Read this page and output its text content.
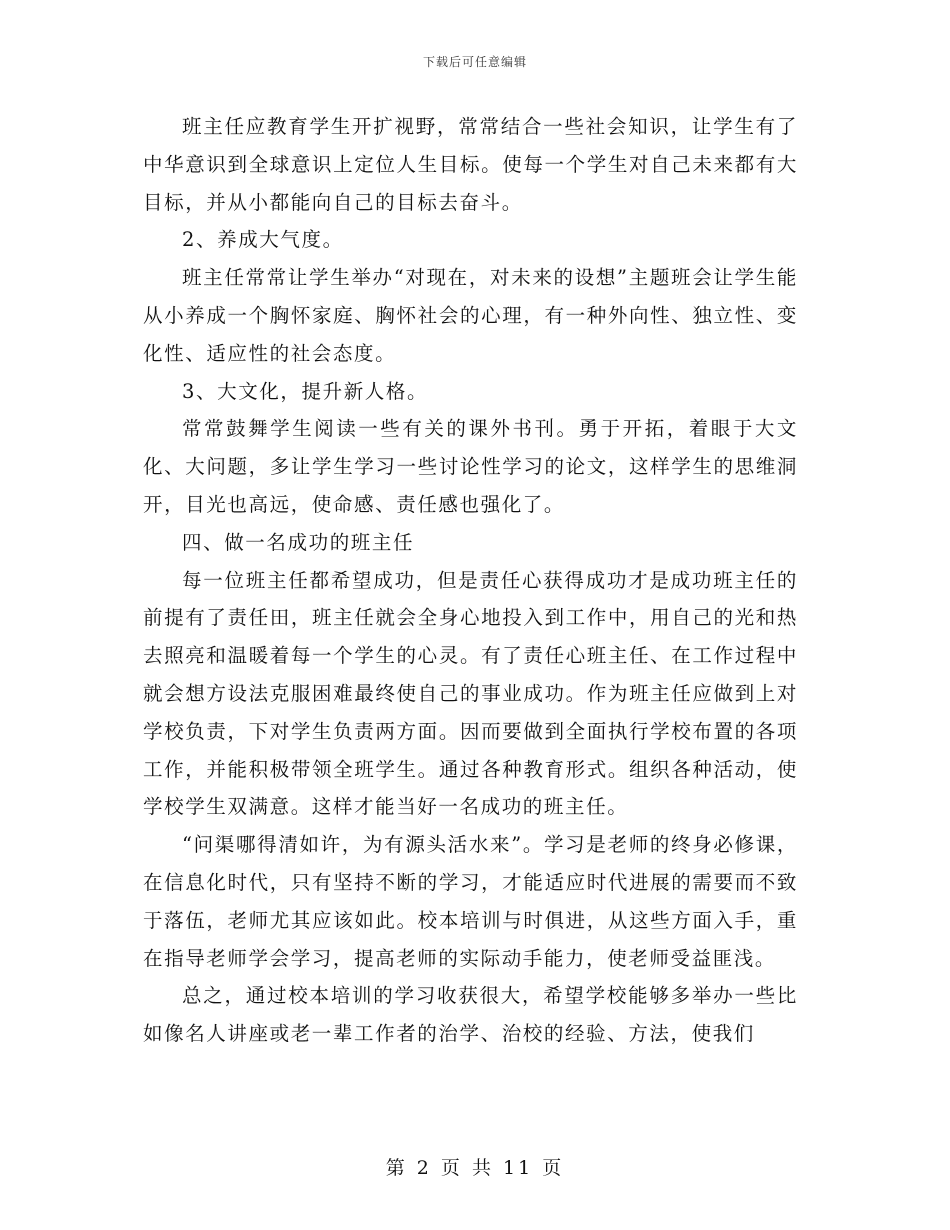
下载后可任意编辑

班主任应教育学生开扩视野，常常结合一些社会知识，让学生有了中华意识到全球意识上定位人生目标。使每一个学生对自己未来都有大目标，并从小都能向自己的目标去奋斗。

2、养成大气度。

班主任常常让学生举办“对现在，对未来的设想”主题班会让学生能从小养成一个胸怀家庭、胸怀社会的心理，有一种外向性、独立性、变化性、适应性的社会态度。

3、大文化，提升新人格。

常常鼓舞学生阅读一些有关的课外书刊。勇于开拓，着眼于大文化、大问题，多让学生学习一些讨论性学习的论文，这样学生的思维洞开，目光也高远，使命感、责任感也强化了。

四、做一名成功的班主任

每一位班主任都希望成功，但是责任心获得成功才是成功班主任的前提有了责任田，班主任就会全身心地投入到工作中，用自己的光和热去照亮和温暖着每一个学生的心灵。有了责任心班主任、在工作过程中就会想方设法克服困难最终使自己的事业成功。作为班主任应做到上对学校负责，下对学生负责两方面。因而要做到全面执行学校布置的各项工作，并能积极带领全班学生。通过各种教育形式。组织各种活动，使学校学生双满意。这样才能当好一名成功的班主任。

“问渠哪得清如许，为有源头活水来”。学习是老师的终身必修课，在信息化时代，只有坚持不断的学习，才能适应时代进展的需要而不致于落伍，老师尤其应该如此。校本培训与时俱进，从这些方面入手，重在指导老师学会学习，提高老师的实际动手能力，使老师受益匪浅。

总之，通过校本培训的学习收获很大，希望学校能够多举办一些比如像名人讲座或老一辈工作者的治学、治校的经验、方法，使我们

第 2 页 共 11 页
